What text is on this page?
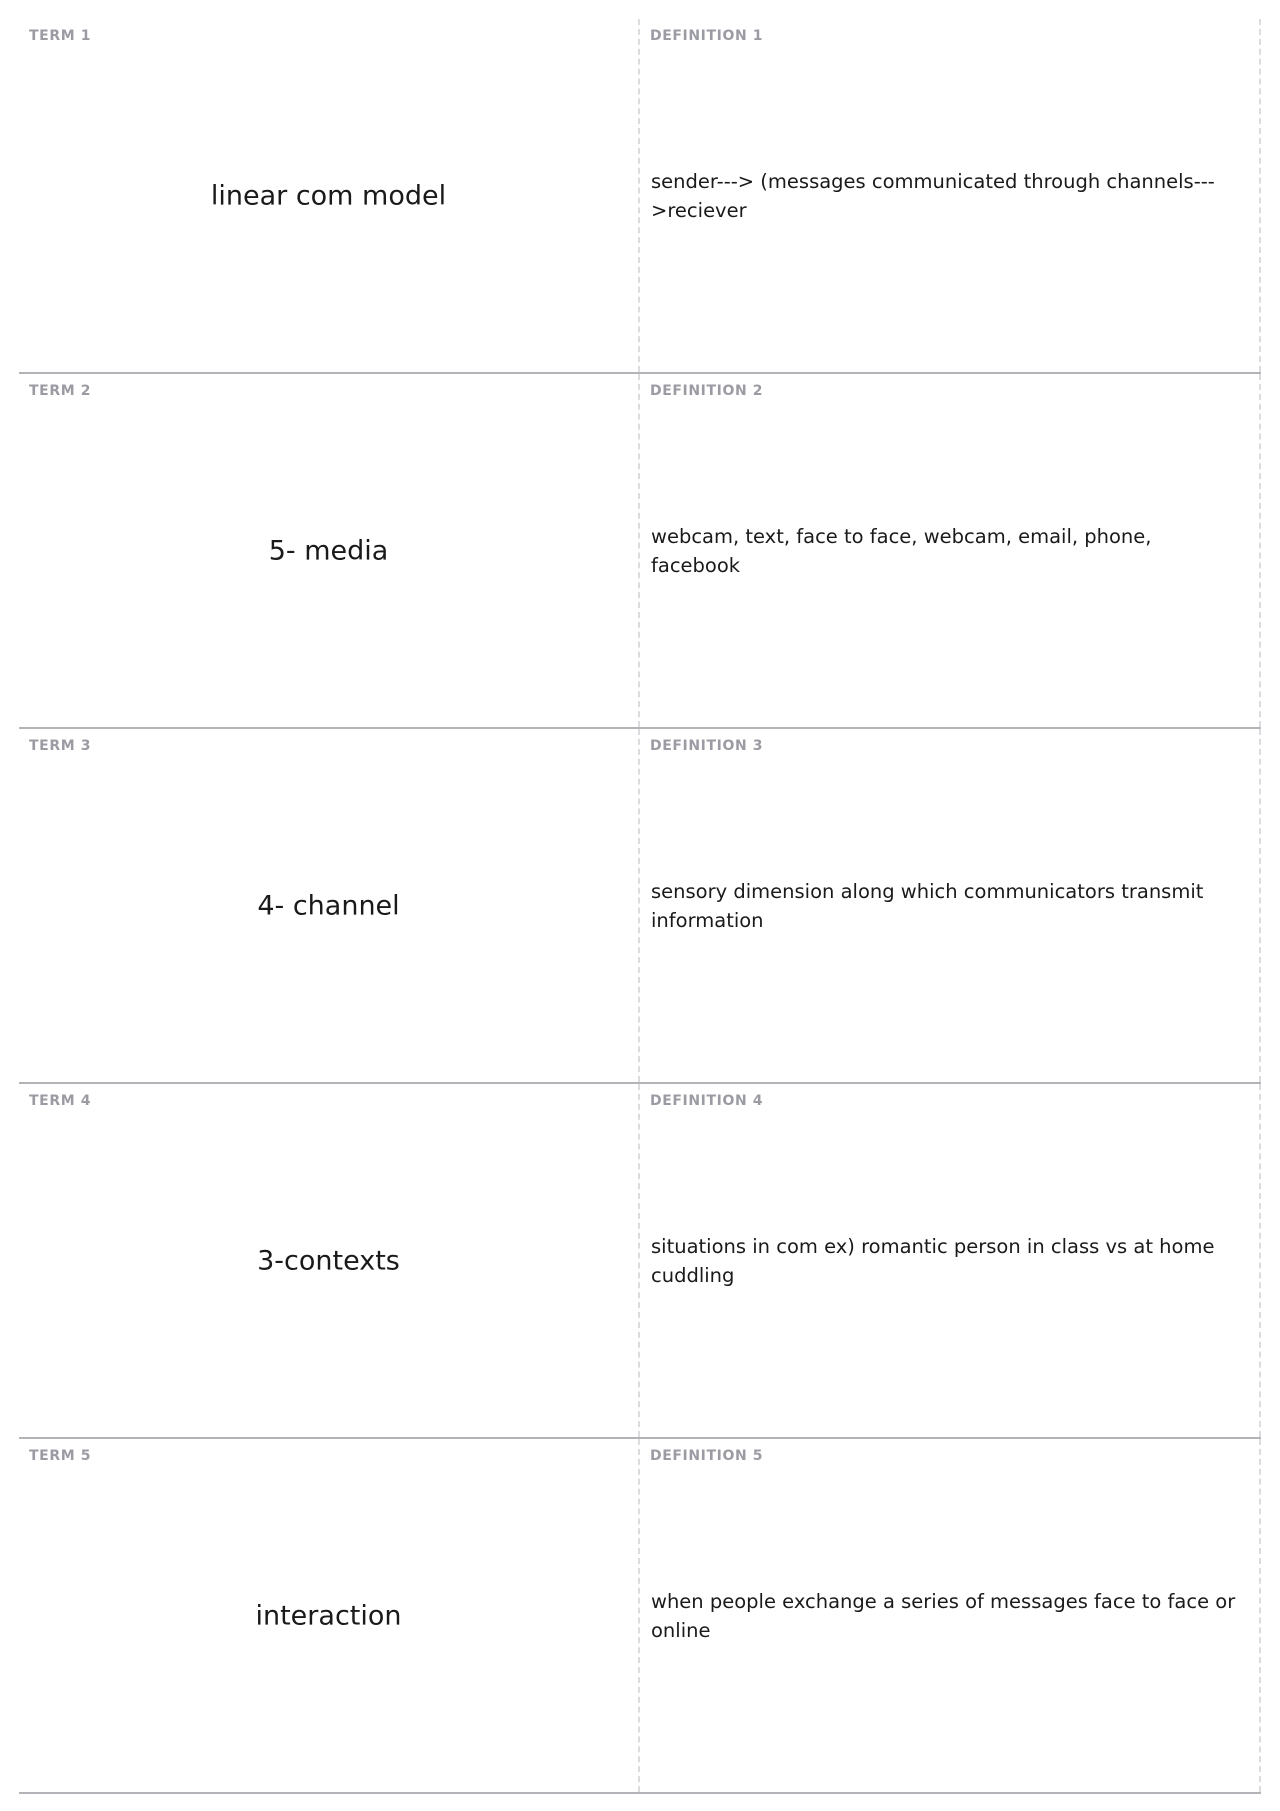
TERM 1
linear com model
DEFINITION 1
sender---> (messages communicated through channels--->reciever
TERM 2
5- media
DEFINITION 2
webcam, text, face to face, webcam, email, phone, facebook
TERM 3
4- channel
DEFINITION 3
sensory dimension along which communicators transmit information
TERM 4
3-contexts
DEFINITION 4
situations in com ex) romantic person in class vs at home cuddling
TERM 5
interaction
DEFINITION 5
when people exchange a series of messages face to face or online
